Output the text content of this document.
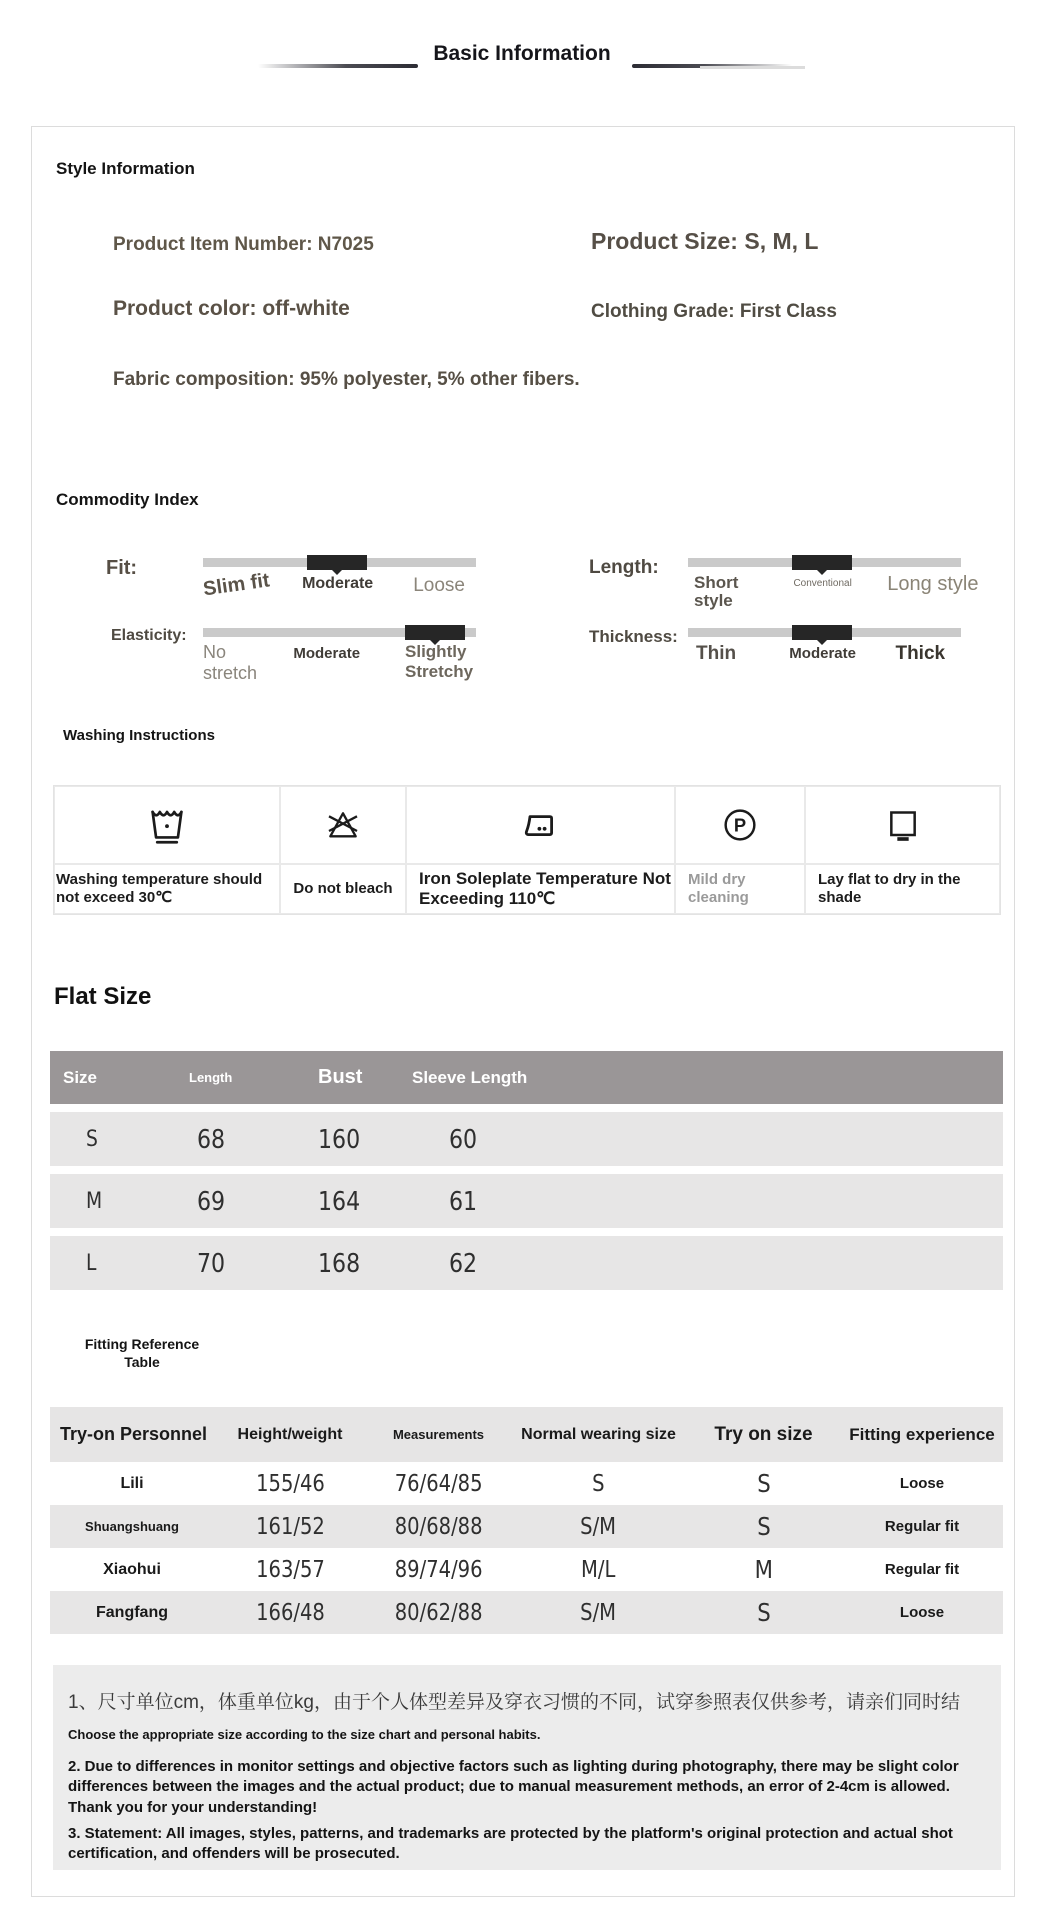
Basic Information
Style Information
Product Item Number: N7025	Product Size: S, M, L
Product color: off-white	Clothing Grade: First Class
Fabric composition: 95% polyester, 5% other fibers.
Commodity Index
Fit:
Slim fit	Moderate	Loose
Length:
Short style
Conventional	Long style
Elasticity:
No stretch
Moderate	Slightly Stretchy
Thickness:
Thin	Moderate	Thick
Washing Instructions
P
Washing temperature should not exceed 30℃
Do not bleach
Iron Soleplate Temperature Not Exceeding 110℃
Mild dry cleaning
Lay flat to dry in the shade
Flat Size
Size	Length	Bust	Sleeve Length
S	68	160	60
M	69	164	61
L	70	168	62
Fitting Reference Table
Try-on Personnel	Height/weight	Measurements	Normal wearing size	Try on size	Fitting experience
Lili	155/46	76/64/85	S	S	Loose
Shuangshuang	161/52	80/68/88	S/M	S	Regular fit
Xiaohui	163/57	89/74/96	M/L	M	Regular fit
Fangfang	166/48	80/62/88	S/M	S	Loose
1、尺寸单位cm，体重单位kg，由于个人体型差异及穿衣习惯的不同，试穿参照表仅供参考，请亲们同时结
Choose the appropriate size according to the size chart and personal habits.
2. Due to differences in monitor settings and objective factors such as lighting during photography, there may be slight color differences between the images and the actual product; due to manual measurement methods, an error of 2-4cm is allowed. Thank you for your understanding!
3. Statement: All images, styles, patterns, and trademarks are protected by the platform's original protection and actual shot certification, and offenders will be prosecuted.
